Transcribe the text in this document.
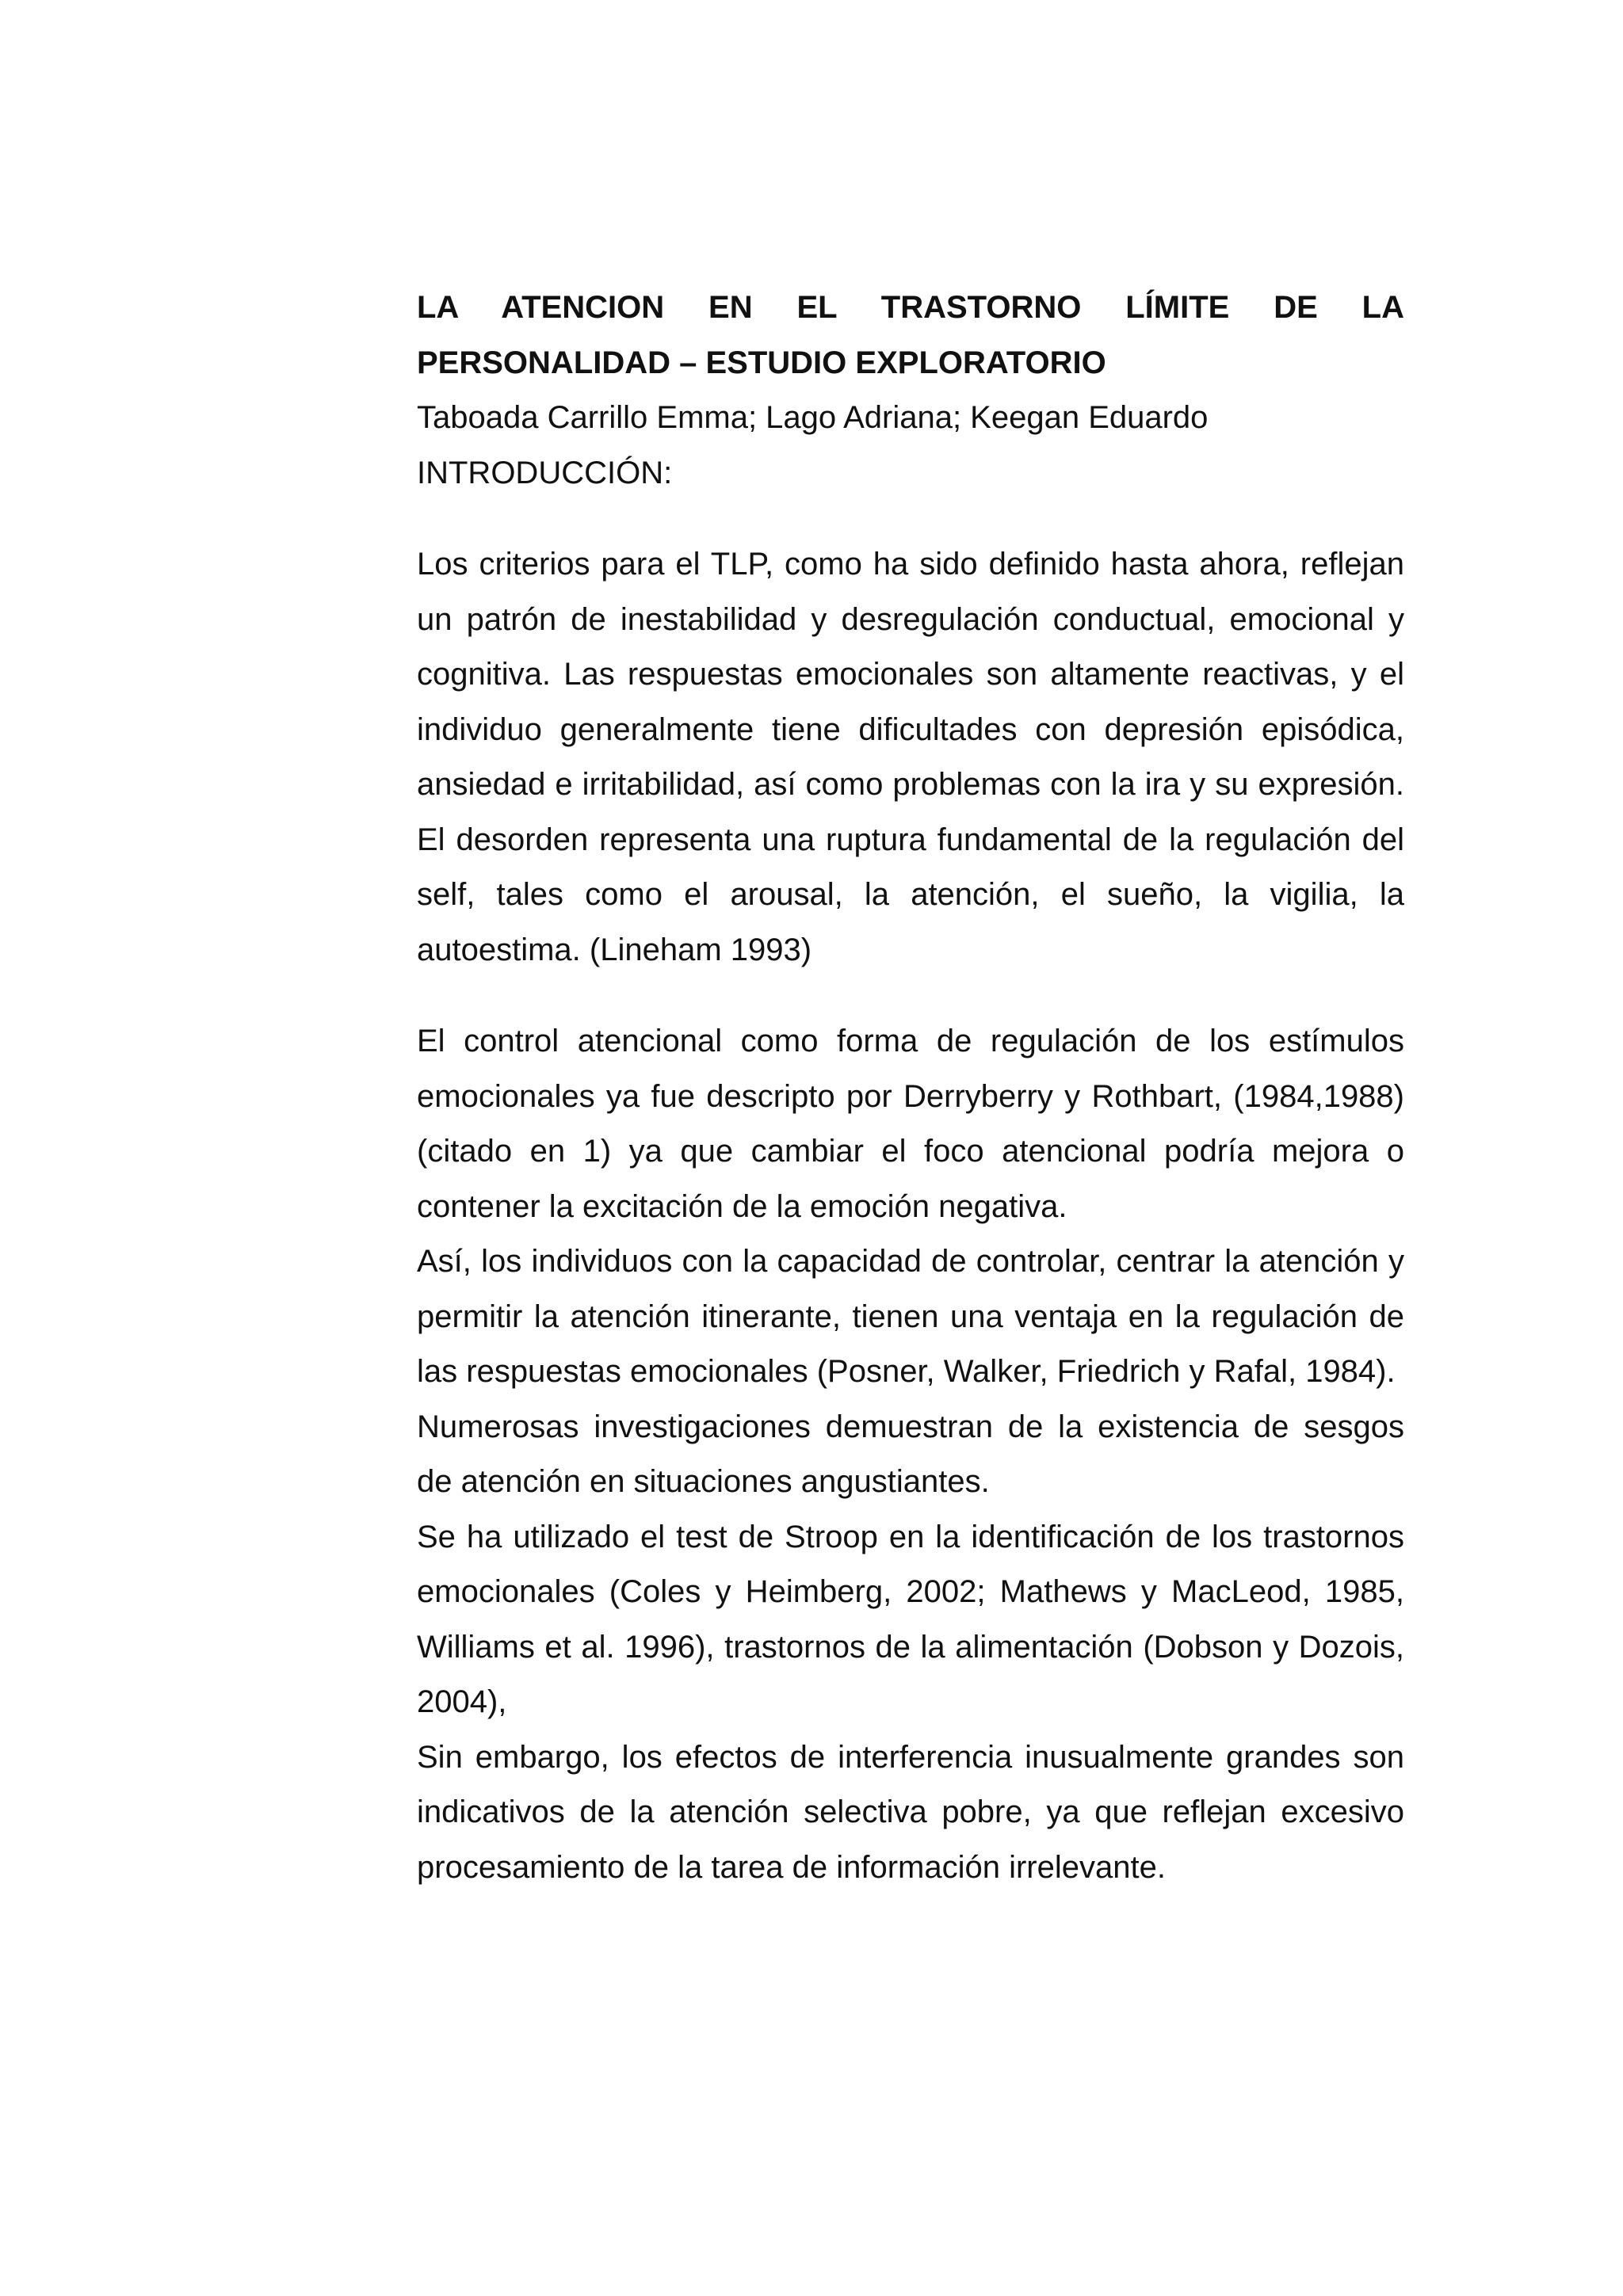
LA ATENCION EN EL TRASTORNO LÍMITE DE LA
PERSONALIDAD – ESTUDIO EXPLORATORIO

Taboada Carrillo Emma; Lago Adriana; Keegan Eduardo

INTRODUCCIÓN:

Los criterios para el TLP, como ha sido definido hasta ahora, reflejan un patrón de inestabilidad y desregulación conductual, emocional y cognitiva. Las respuestas emocionales son altamente reactivas, y el individuo generalmente tiene dificultades con depresión episódica, ansiedad e irritabilidad, así como problemas con la ira y su expresión. El desorden representa una ruptura fundamental de la regulación del self, tales como el arousal, la atención, el sueño, la vigilia, la autoestima. (Lineham 1993)

El control atencional como forma de regulación de los estímulos emocionales ya fue descripto por Derryberry y Rothbart, (1984,1988) (citado en 1) ya que cambiar el foco atencional podría mejora o contener la excitación de la emoción negativa.

Así, los individuos con la capacidad de controlar, centrar la atención y permitir la atención itinerante, tienen una ventaja en la regulación de las respuestas emocionales (Posner, Walker, Friedrich y Rafal, 1984).

Numerosas investigaciones demuestran de la existencia de sesgos de atención en situaciones angustiantes.

Se ha utilizado el test de Stroop en la identificación de los trastornos emocionales (Coles y Heimberg, 2002; Mathews y MacLeod, 1985, Williams et al. 1996), trastornos de la alimentación (Dobson y Dozois, 2004),

Sin embargo, los efectos de interferencia inusualmente grandes son indicativos de la atención selectiva pobre, ya que reflejan excesivo procesamiento de la tarea de información irrelevante.
